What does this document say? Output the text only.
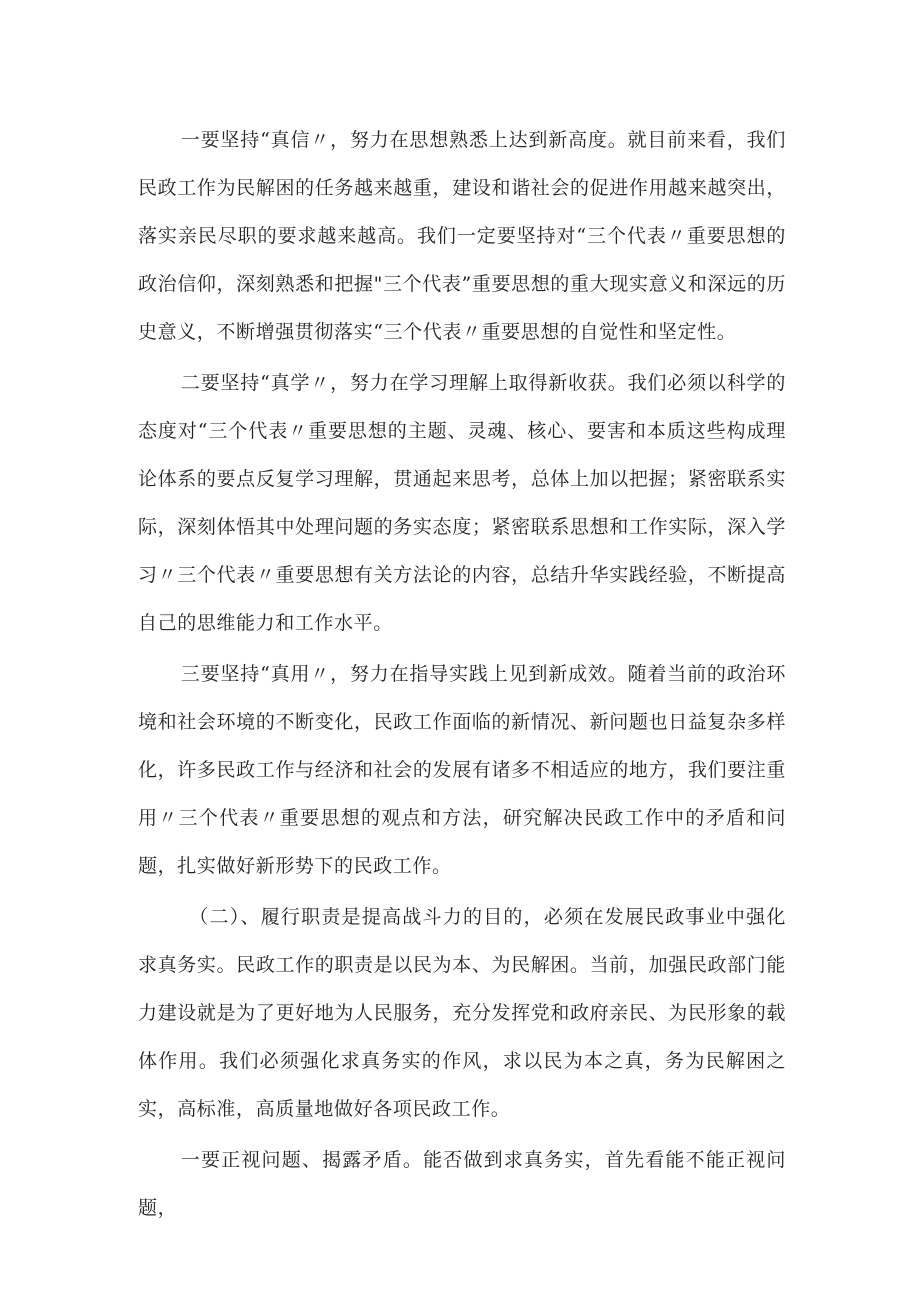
一要坚持“真信〃，努力在思想熟悉上达到新高度。就目前来看，我们民政工作为民解困的任务越来越重，建设和谐社会的促进作用越来越突出，落实亲民尽职的要求越来越高。我们一定要坚持对“三个代表〃重要思想的政治信仰，深刻熟悉和把握"三个代表”重要思想的重大现实意义和深远的历史意义，不断增强贯彻落实“三个代表〃重要思想的自觉性和坚定性。

二要坚持“真学〃，努力在学习理解上取得新收获。我们必须以科学的态度对“三个代表〃重要思想的主题、灵魂、核心、要害和本质这些构成理论体系的要点反复学习理解，贯通起来思考，总体上加以把握；紧密联系实际，深刻体悟其中处理问题的务实态度；紧密联系思想和工作实际，深入学习〃三个代表〃重要思想有关方法论的内容，总结升华实践经验，不断提高自己的思维能力和工作水平。

三要坚持“真用〃，努力在指导实践上见到新成效。随着当前的政治环境和社会环境的不断变化，民政工作面临的新情况、新问题也日益复杂多样化，许多民政工作与经济和社会的发展有诸多不相适应的地方，我们要注重用〃三个代表〃重要思想的观点和方法，研究解决民政工作中的矛盾和问题，扎实做好新形势下的民政工作。

（二）、履行职责是提高战斗力的目的，必须在发展民政事业中强化求真务实。民政工作的职责是以民为本、为民解困。当前，加强民政部门能力建设就是为了更好地为人民服务，充分发挥党和政府亲民、为民形象的载体作用。我们必须强化求真务实的作风，求以民为本之真，务为民解困之实，高标准，高质量地做好各项民政工作。

一要正视问题、揭露矛盾。能否做到求真务实，首先看能不能正视问题，
